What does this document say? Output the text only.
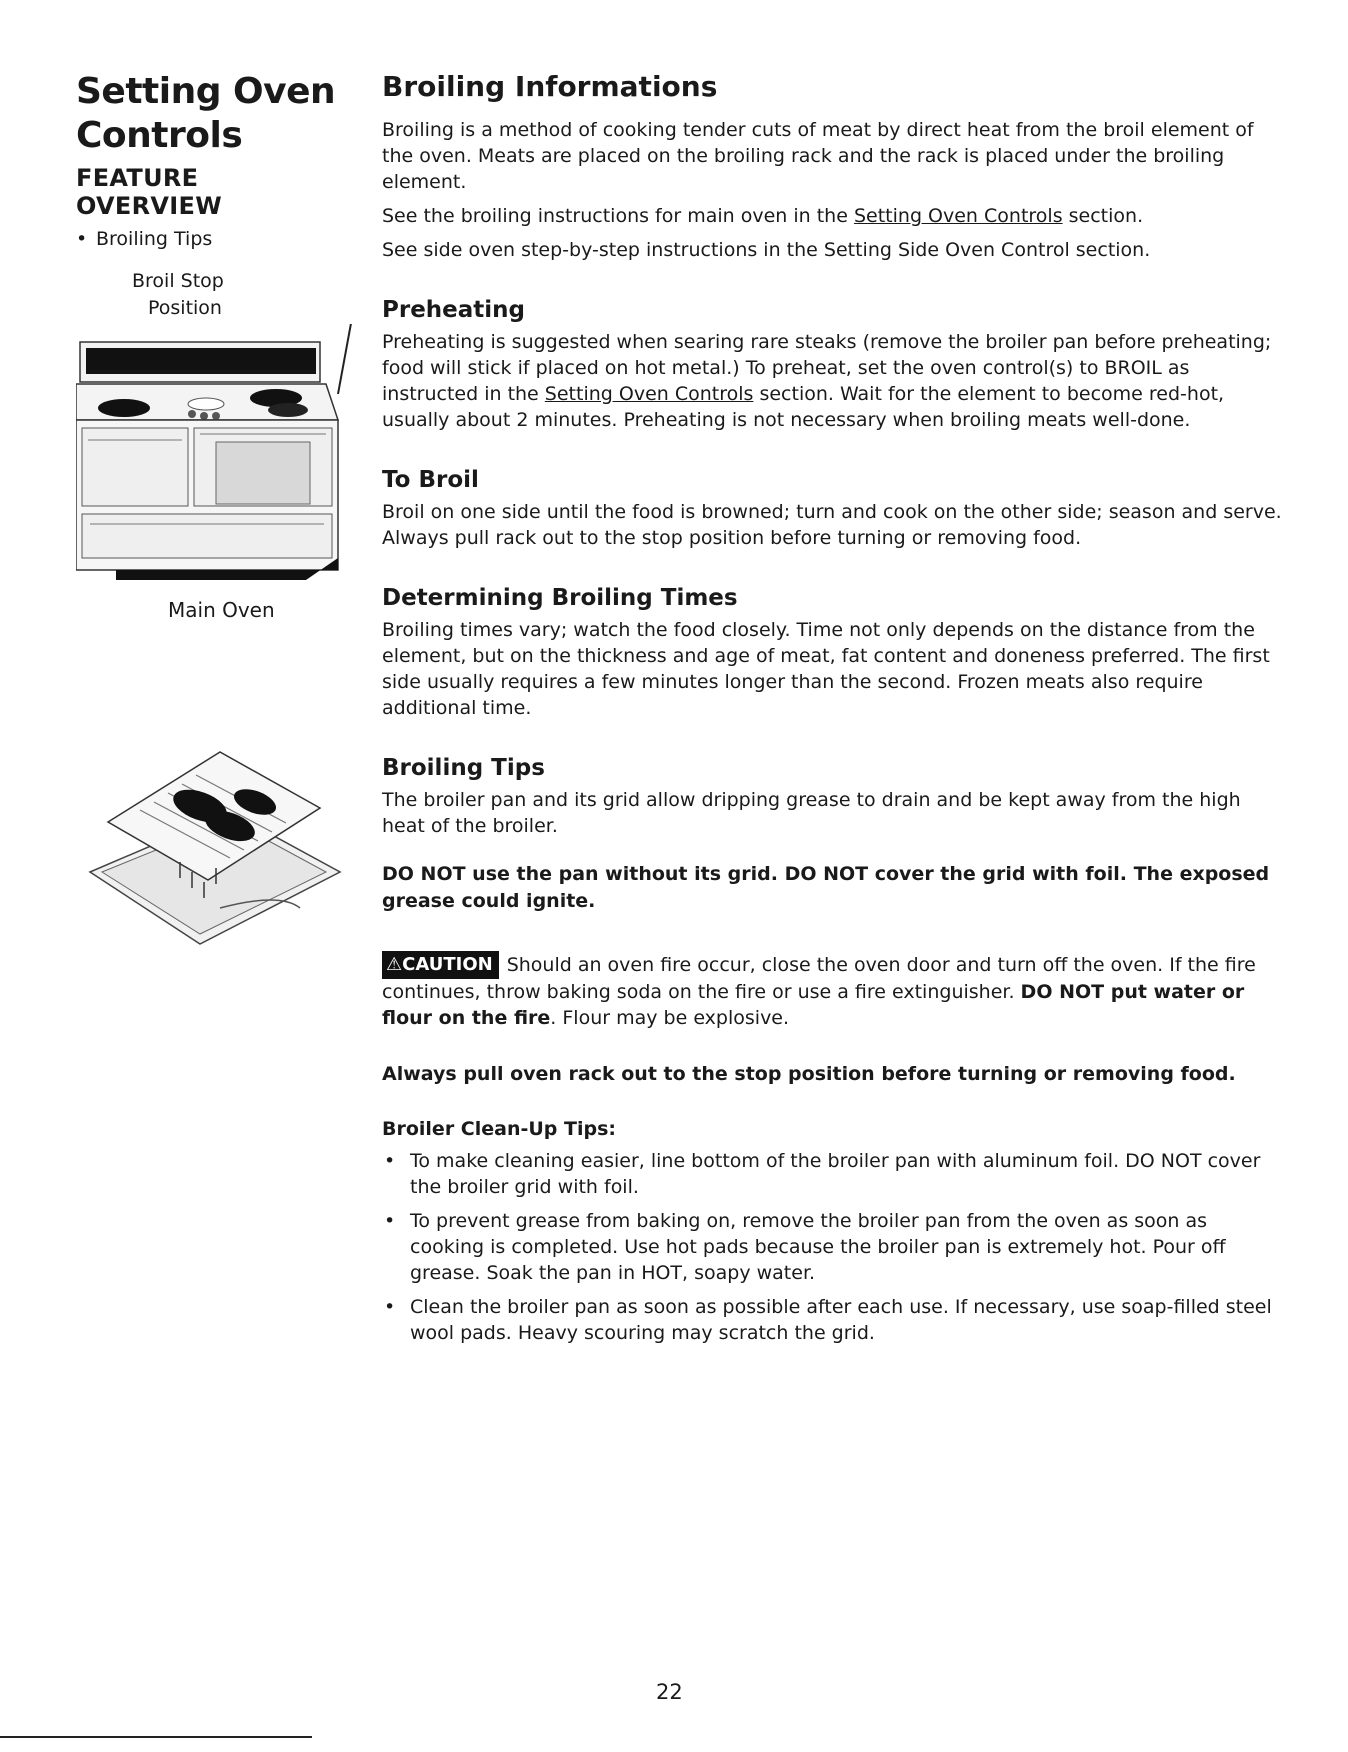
Setting Oven Controls
FEATURE OVERVIEW
• Broiling Tips
Broil Stop
Position
Main Oven
Broiling Informations

Broiling is a method of cooking tender cuts of meat by direct heat from the broil element of the oven. Meats are placed on the broiling rack and the rack is placed under the broiling element.

See the broiling instructions for main oven in the Setting Oven Controls section.

See side oven step-by-step instructions in the Setting Side Oven Control section.

Preheating

Preheating is suggested when searing rare steaks (remove the broiler pan before preheating; food will stick if placed on hot metal.) To preheat, set the oven control(s) to BROIL as instructed in the Setting Oven Controls section. Wait for the element to become red-hot, usually about 2 minutes. Preheating is not necessary when broiling meats well-done.

To Broil

Broil on one side until the food is browned; turn and cook on the other side; season and serve. Always pull rack out to the stop position before turning or removing food.

Determining Broiling Times

Broiling times vary; watch the food closely. Time not only depends on the distance from the element, but on the thickness and age of meat, fat content and doneness preferred. The first side usually requires a few minutes longer than the second. Frozen meats also require additional time.

Broiling Tips

The broiler pan and its grid allow dripping grease to drain and be kept away from the high heat of the broiler.

DO NOT use the pan without its grid. DO NOT cover the grid with foil. The exposed grease could ignite.

⚠CAUTION Should an oven fire occur, close the oven door and turn off the oven. If the fire continues, throw baking soda on the fire or use a fire extinguisher. DO NOT put water or flour on the fire. Flour may be explosive.

Always pull oven rack out to the stop position before turning or removing food.
Broiler Clean-Up Tips:
• To make cleaning easier, line bottom of the broiler pan with aluminum foil. DO NOT cover the broiler grid with foil.
• To prevent grease from baking on, remove the broiler pan from the oven as soon as cooking is completed. Use hot pads because the broiler pan is extremely hot. Pour off grease. Soak the pan in HOT, soapy water.
• Clean the broiler pan as soon as possible after each use. If necessary, use soap-filled steel wool pads. Heavy scouring may scratch the grid.
22
